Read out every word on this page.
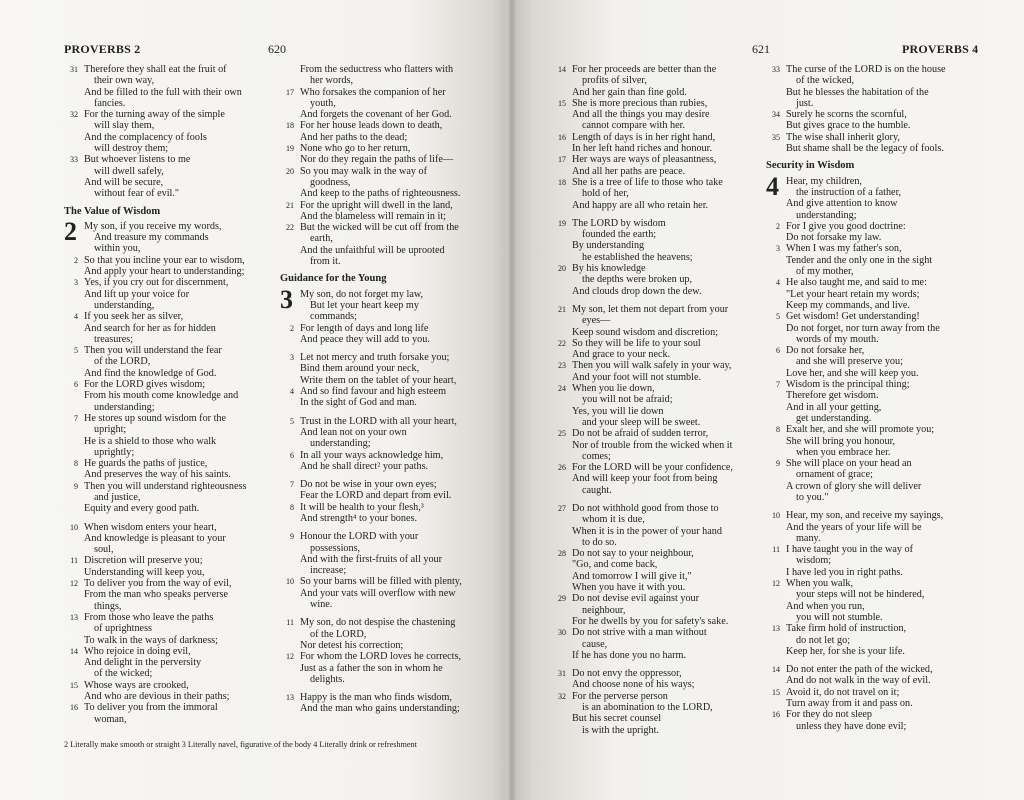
PROVERBS 2	620
31 Therefore they shall eat the fruit of
their own way,
And be filled to the full with their own
fancies.
32 For the turning away of the simple
will slay them,
And the complacency of fools
will destroy them;
33 But whoever listens to me
will dwell safely,
And will be secure,
without fear of evil."
The Value of Wisdom
2 My son, if you receive my words,
And treasure my commands
within you,
2 So that you incline your ear to wisdom,
And apply your heart to understanding;
3 Yes, if you cry out for discernment,
And lift up your voice for
understanding,
4 If you seek her as silver,
And search for her as for hidden
treasures;
5 Then you will understand the fear
of the LORD,
And find the knowledge of God.
6 For the LORD gives wisdom;
From his mouth come knowledge and
understanding;
7 He stores up sound wisdom for the
upright;
He is a shield to those who walk
uprightly;
8 He guards the paths of justice,
And preserves the way of his saints.
9 Then you will understand righteousness
and justice,
Equity and every good path.
10 When wisdom enters your heart,
And knowledge is pleasant to your
soul,
11 Discretion will preserve you;
Understanding will keep you,
12 To deliver you from the way of evil,
From the man who speaks perverse
things,
13 From those who leave the paths
of uprightness
To walk in the ways of darkness;
14 Who rejoice in doing evil,
And delight in the perversity
of the wicked;
15 Whose ways are crooked,
And who are devious in their paths;
16 To deliver you from the immoral
woman,
From the seductress who flatters with
her words,
17 Who forsakes the companion of her
youth,
And forgets the covenant of her God.
18 For her house leads down to death,
And her paths to the dead;
19 None who go to her return,
Nor do they regain the paths of life—
20 So you may walk in the way of
goodness,
And keep to the paths of righteousness.
21 For the upright will dwell in the land,
And the blameless will remain in it;
22 But the wicked will be cut off from the
earth,
And the unfaithful will be uprooted
from it.
Guidance for the Young
3 My son, do not forget my law,
But let your heart keep my
commands;
2 For length of days and long life
And peace they will add to you.
3 Let not mercy and truth forsake you;
Bind them around your neck,
Write them on the tablet of your heart,
4 And so find favour and high esteem
In the sight of God and man.
5 Trust in the LORD with all your heart,
And lean not on your own
understanding;
6 In all your ways acknowledge him,
And he shall direct² your paths.
7 Do not be wise in your own eyes;
Fear the LORD and depart from evil.
8 It will be health to your flesh,³
And strength⁴ to your bones.
9 Honour the LORD with your
possessions,
And with the first-fruits of all your
increase;
10 So your barns will be filled with plenty,
And your vats will overflow with new
wine.
11 My son, do not despise the chastening
of the LORD,
Nor detest his correction;
12 For whom the LORD loves he corrects,
Just as a father the son in whom he
delights.
13 Happy is the man who finds wisdom,
And the man who gains understanding;
2 Literally make smooth or straight 3 Literally navel, figurative of the body 4 Literally drink or refreshment
621	PROVERBS 4
14 For her proceeds are better than the
profits of silver,
And her gain than fine gold.
15 She is more precious than rubies,
And all the things you may desire
cannot compare with her.
16 Length of days is in her right hand,
In her left hand riches and honour.
17 Her ways are ways of pleasantness,
And all her paths are peace.
18 She is a tree of life to those who take
hold of her,
And happy are all who retain her.
19 The LORD by wisdom
founded the earth;
By understanding
he established the heavens;
20 By his knowledge
the depths were broken up,
And clouds drop down the dew.
21 My son, let them not depart from your
eyes—
Keep sound wisdom and discretion;
22 So they will be life to your soul
And grace to your neck.
23 Then you will walk safely in your way,
And your foot will not stumble.
24 When you lie down,
you will not be afraid;
Yes, you will lie down
and your sleep will be sweet.
25 Do not be afraid of sudden terror,
Nor of trouble from the wicked when it
comes;
26 For the LORD will be your confidence,
And will keep your foot from being
caught.
27 Do not withhold good from those to
whom it is due,
When it is in the power of your hand
to do so.
28 Do not say to your neighbour,
"Go, and come back,
And tomorrow I will give it,"
When you have it with you.
29 Do not devise evil against your
neighbour,
For he dwells by you for safety's sake.
30 Do not strive with a man without
cause,
If he has done you no harm.
31 Do not envy the oppressor,
And choose none of his ways;
32 For the perverse person
is an abomination to the LORD,
But his secret counsel
is with the upright.
33 The curse of the LORD is on the house
of the wicked,
But he blesses the habitation of the
just.
34 Surely he scorns the scornful,
But gives grace to the humble.
35 The wise shall inherit glory,
But shame shall be the legacy of fools.
Security in Wisdom
4 Hear, my children,
the instruction of a father,
And give attention to know
understanding;
2 For I give you good doctrine:
Do not forsake my law.
3 When I was my father's son,
Tender and the only one in the sight
of my mother,
4 He also taught me, and said to me:
"Let your heart retain my words;
Keep my commands, and live.
5 Get wisdom! Get understanding!
Do not forget, nor turn away from the
words of my mouth.
6 Do not forsake her,
and she will preserve you;
Love her, and she will keep you.
7 Wisdom is the principal thing;
Therefore get wisdom.
And in all your getting,
get understanding.
8 Exalt her, and she will promote you;
She will bring you honour,
when you embrace her.
9 She will place on your head an
ornament of grace;
A crown of glory she will deliver
to you."
10 Hear, my son, and receive my sayings,
And the years of your life will be
many.
11 I have taught you in the way of
wisdom;
I have led you in right paths.
12 When you walk,
your steps will not be hindered,
And when you run,
you will not stumble.
13 Take firm hold of instruction,
do not let go;
Keep her, for she is your life.
14 Do not enter the path of the wicked,
And do not walk in the way of evil.
15 Avoid it, do not travel on it;
Turn away from it and pass on.
16 For they do not sleep
unless they have done evil;
